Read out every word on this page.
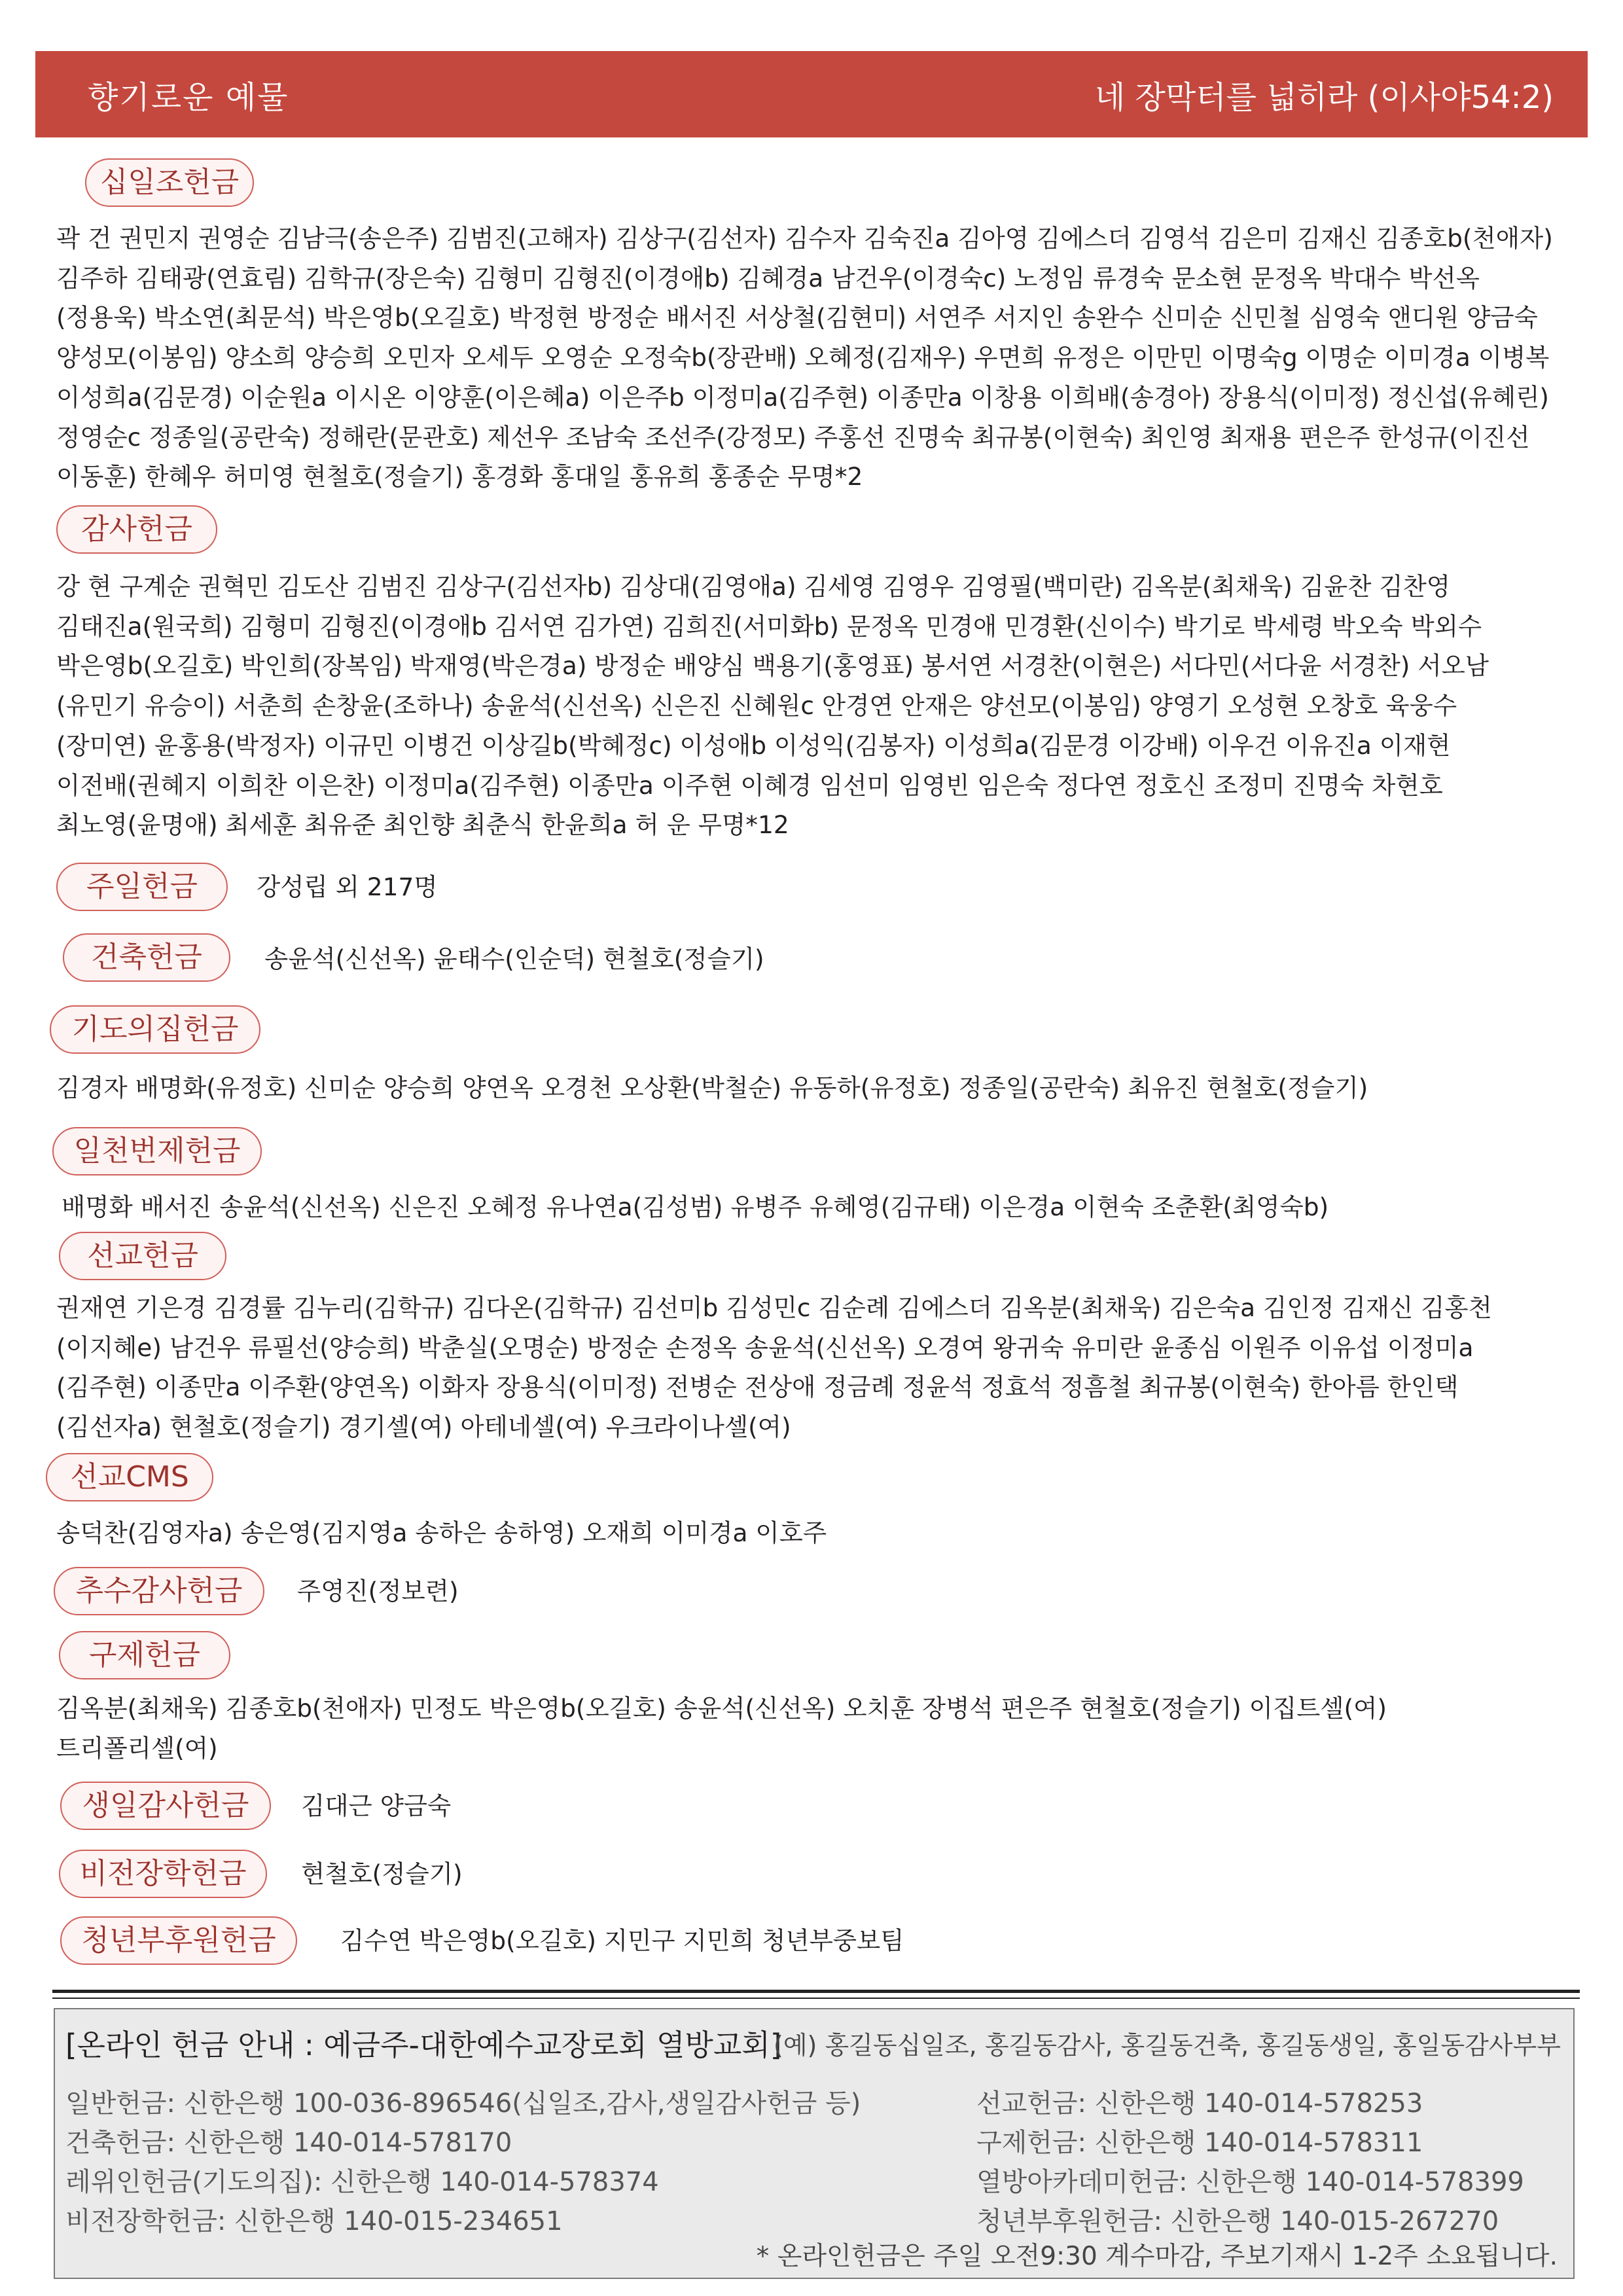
향기로운 예물	네 장막터를 넓히라 (이사야54:2)
십일조헌금
곽 건 권민지 권영순 김남극(송은주) 김범진(고해자) 김상구(김선자) 김수자 김숙진a 김아영 김에스더 김영석 김은미 김재신 김종호b(천애자)
김주하 김태광(연효림) 김학규(장은숙) 김형미 김형진(이경애b) 김혜경a 남건우(이경숙c) 노정임 류경숙 문소현 문정옥 박대수 박선옥
(정용욱) 박소연(최문석) 박은영b(오길호) 박정현 방정순 배서진 서상철(김현미) 서연주 서지인 송완수 신미순 신민철 심영숙 앤디원 양금숙
양성모(이봉임) 양소희 양승희 오민자 오세두 오영순 오정숙b(장관배) 오혜정(김재우) 우면희 유정은 이만민 이명숙g 이명순 이미경a 이병복
이성희a(김문경) 이순원a 이시온 이양훈(이은혜a) 이은주b 이정미a(김주현) 이종만a 이창용 이희배(송경아) 장용식(이미정) 정신섭(유혜린)
정영순c 정종일(공란숙) 정해란(문관호) 제선우 조남숙 조선주(강정모) 주홍선 진명숙 최규봉(이현숙) 최인영 최재용 편은주 한성규(이진선
이동훈) 한혜우 허미영 현철호(정슬기) 홍경화 홍대일 홍유희 홍종순 무명*2
감사헌금
강 현 구계순 권혁민 김도산 김범진 김상구(김선자b) 김상대(김영애a) 김세영 김영우 김영필(백미란) 김옥분(최채욱) 김윤찬 김찬영
김태진a(원국희) 김형미 김형진(이경애b 김서연 김가연) 김희진(서미화b) 문정옥 민경애 민경환(신이수) 박기로 박세령 박오숙 박외수
박은영b(오길호) 박인희(장복임) 박재영(박은경a) 방정순 배양심 백용기(홍영표) 봉서연 서경찬(이현은) 서다민(서다윤 서경찬) 서오남
(유민기 유승이) 서춘희 손창윤(조하나) 송윤석(신선옥) 신은진 신혜원c 안경연 안재은 양선모(이봉임) 양영기 오성현 오창호 육웅수
(장미연) 윤홍용(박정자) 이규민 이병건 이상길b(박혜정c) 이성애b 이성익(김봉자) 이성희a(김문경 이강배) 이우건 이유진a 이재현
이전배(권혜지 이희찬 이은찬) 이정미a(김주현) 이종만a 이주현 이혜경 임선미 임영빈 임은숙 정다연 정호신 조정미 진명숙 차현호
최노영(윤명애) 최세훈 최유준 최인향 최춘식 한윤희a 허 운 무명*12
주일헌금	강성립 외 217명
건축헌금	송윤석(신선옥) 윤태수(인순덕) 현철호(정슬기)
기도의집헌금
김경자 배명화(유정호) 신미순 양승희 양연옥 오경천 오상환(박철순) 유동하(유정호) 정종일(공란숙) 최유진 현철호(정슬기)
일천번제헌금
배명화 배서진 송윤석(신선옥) 신은진 오혜정 유나연a(김성범) 유병주 유혜영(김규태) 이은경a 이현숙 조춘환(최영숙b)
선교헌금
권재연 기은경 김경률 김누리(김학규) 김다온(김학규) 김선미b 김성민c 김순례 김에스더 김옥분(최채욱) 김은숙a 김인정 김재신 김홍천
(이지혜e) 남건우 류필선(양승희) 박춘실(오명순) 방정순 손정옥 송윤석(신선옥) 오경여 왕귀숙 유미란 윤종심 이원주 이유섭 이정미a
(김주현) 이종만a 이주환(양연옥) 이화자 장용식(이미정) 전병순 전상애 정금례 정윤석 정효석 정흠철 최규봉(이현숙) 한아름 한인택
(김선자a) 현철호(정슬기) 경기셀(여) 아테네셀(여) 우크라이나셀(여)
선교CMS
송덕찬(김영자a) 송은영(김지영a 송하은 송하영) 오재희 이미경a 이호주
추수감사헌금	주영진(정보련)
구제헌금
김옥분(최채욱) 김종호b(천애자) 민정도 박은영b(오길호) 송윤석(신선옥) 오치훈 장병석 편은주 현철호(정슬기) 이집트셀(여)
트리폴리셀(여)
생일감사헌금	김대근 양금숙
비전장학헌금	현철호(정슬기)
청년부후원헌금	김수연 박은영b(오길호) 지민구 지민희 청년부중보팀
[온라인 헌금 안내 : 예금주-대한예수교장로회 열방교회]
(예) 홍길동십일조, 홍길동감사, 홍길동건축, 홍길동생일, 홍일동감사부부
일반헌금: 신한은행 100-036-896546(십일조,감사,생일감사헌금 등)
건축헌금: 신한은행 140-014-578170
레위인헌금(기도의집): 신한은행 140-014-578374
비전장학헌금: 신한은행 140-015-234651
선교헌금: 신한은행 140-014-578253
구제헌금: 신한은행 140-014-578311
열방아카데미헌금: 신한은행 140-014-578399
청년부후원헌금: 신한은행 140-015-267270
* 온라인헌금은 주일 오전9:30 계수마감, 주보기재시 1-2주 소요됩니다.
